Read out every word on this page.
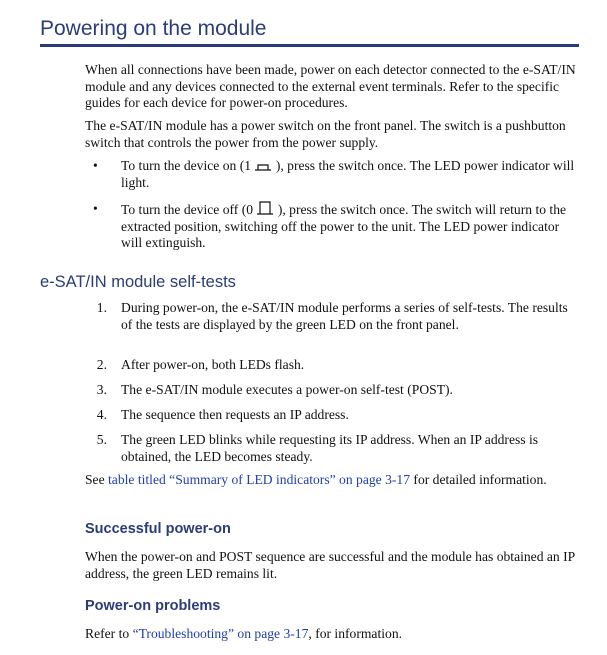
Powering on the module

When all connections have been made, power on each detector connected to the e-SAT/IN module and any devices connected to the external event terminals. Refer to the specific guides for each device for power-on procedures.

The e-SAT/IN module has a power switch on the front panel. The switch is a pushbutton switch that controls the power from the power supply.

•	To turn the device on (1  ), press the switch once. The LED power indicator will light.
•	To turn the device off (0  ), press the switch once. The switch will return to the extracted position, switching off the power to the unit. The LED power indicator will extinguish.
e-SAT/IN module self-tests
1. During power-on, the e-SAT/IN module performs a series of self-tests. The results of the tests are displayed by the green LED on the front panel.
2. After power-on, both LEDs flash.
3. The e-SAT/IN module executes a power-on self-test (POST).
4. The sequence then requests an IP address.
5. The green LED blinks while requesting its IP address. When an IP address is obtained, the LED becomes steady.

See table titled “Summary of LED indicators” on page 3-17 for detailed information.

Successful power-on

When the power-on and POST sequence are successful and the module has obtained an IP address, the green LED remains lit.

Power-on problems

Refer to “Troubleshooting” on page 3-17, for information.
